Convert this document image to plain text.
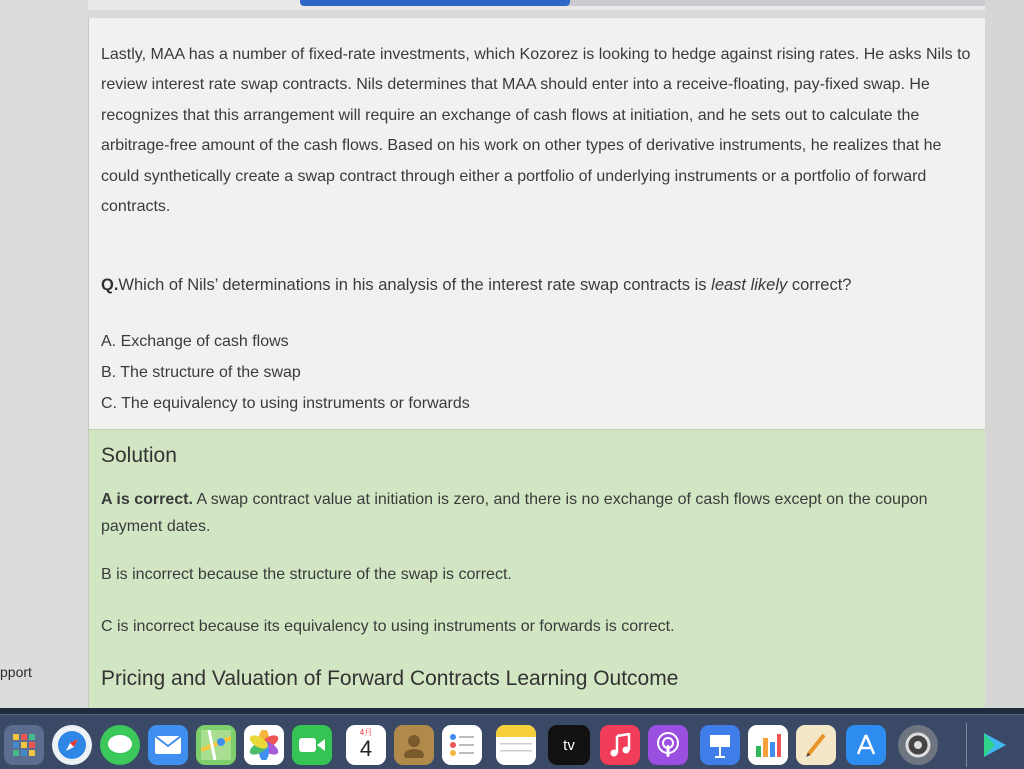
pport

Lastly, MAA has a number of fixed-rate investments, which Kozorez is looking to hedge against rising rates. He asks Nils to review interest rate swap contracts. Nils determines that MAA should enter into a receive-floating, pay-fixed swap. He recognizes that this arrangement will require an exchange of cash flows at initiation, and he sets out to calculate the arbitrage-free amount of the cash flows. Based on his work on other types of derivative instruments, he realizes that he could synthetically create a swap contract through either a portfolio of underlying instruments or a portfolio of forward contracts.

Q.Which of Nils’ determinations in his analysis of the interest rate swap contracts is least likely correct?
A. Exchange of cash flows
B. The structure of the swap
C. The equivalency to using instruments or forwards
Solution
A is correct. A swap contract value at initiation is zero, and there is no exchange of cash flows except on the coupon payment dates.
B is incorrect because the structure of the swap is correct.
C is incorrect because its equivalency to using instruments or forwards is correct.
Pricing and Valuation of Forward Contracts Learning Outcome
4月
4	tv
